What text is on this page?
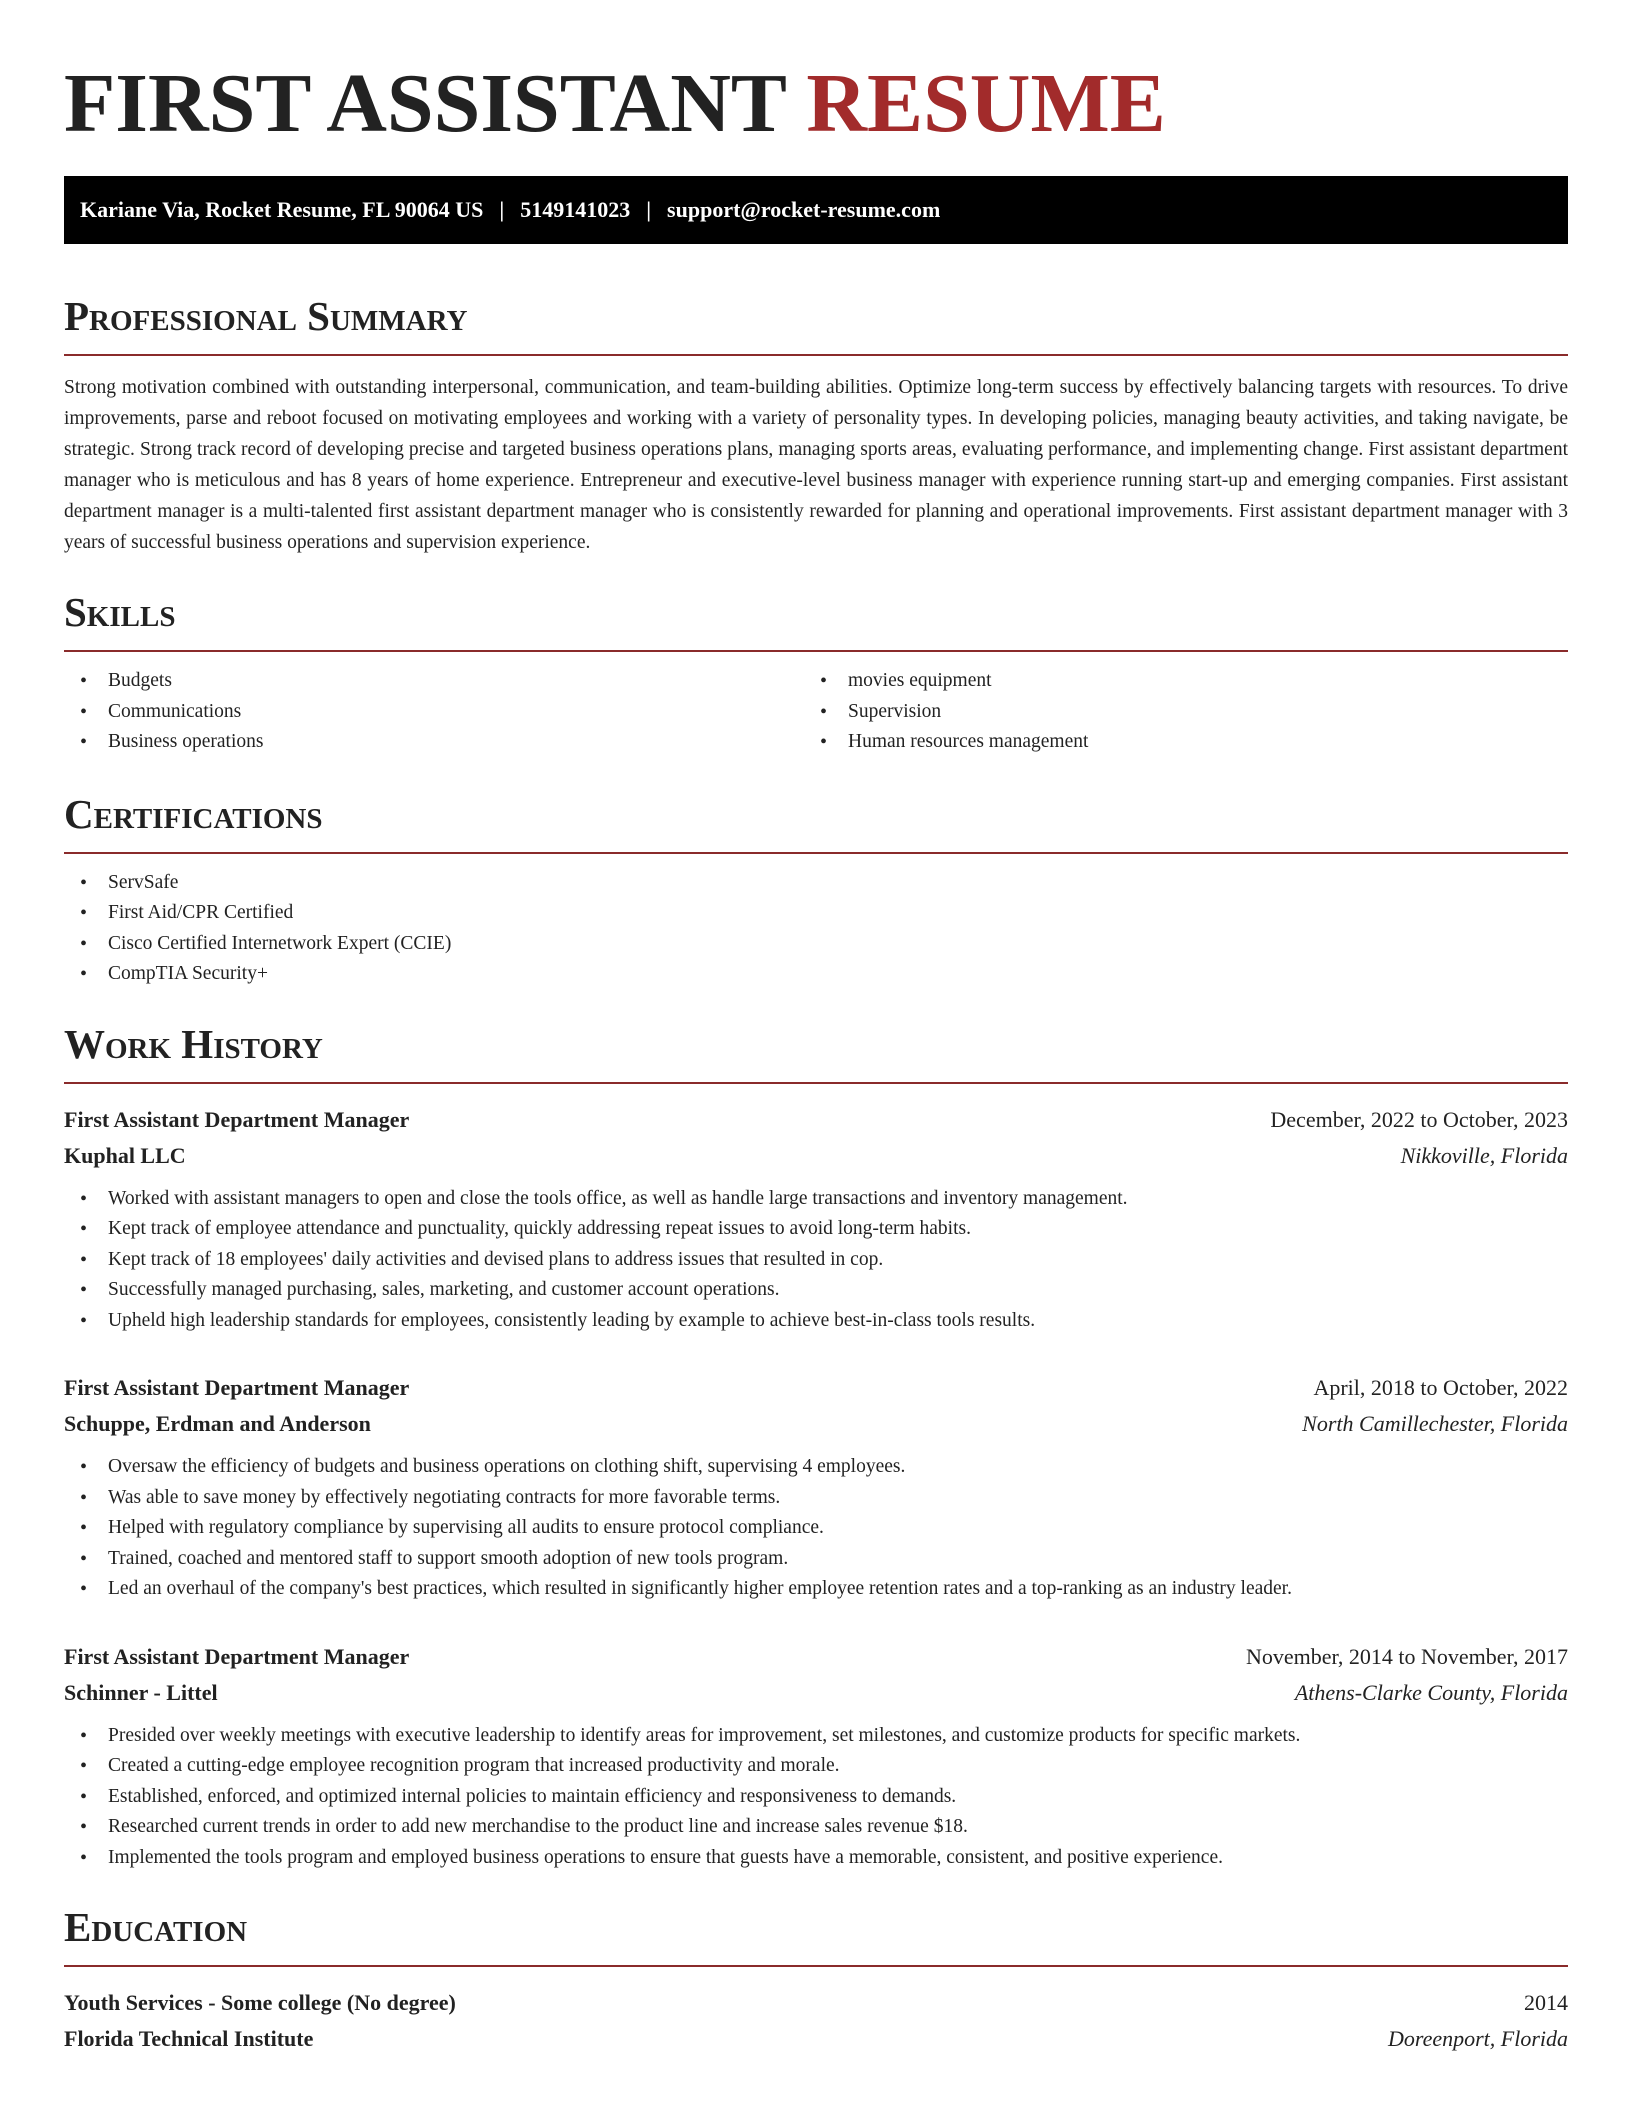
FIRST ASSISTANT RESUME
Kariane Via, Rocket Resume, FL 90064 US | 5149141023 | support@rocket-resume.com
Professional Summary

Strong motivation combined with outstanding interpersonal, communication, and team-building abilities. Optimize long-term success by effectively balancing targets with resources. To drive improvements, parse and reboot focused on motivating employees and working with a variety of personality types. In developing policies, managing beauty activities, and taking navigate, be strategic. Strong track record of developing precise and targeted business operations plans, managing sports areas, evaluating performance, and implementing change. First assistant department manager who is meticulous and has 8 years of home experience. Entrepreneur and executive-level business manager with experience running start-up and emerging companies. First assistant department manager is a multi-talented first assistant department manager who is consistently rewarded for planning and operational improvements. First assistant department manager with 3 years of successful business operations and supervision experience.

Skills
• Budgets
• Communications
• Business operations
• movies equipment
• Supervision
• Human resources management
Certifications
• ServSafe
• First Aid/CPR Certified
• Cisco Certified Internetwork Expert (CCIE)
• CompTIA Security+
Work History
First Assistant Department Manager	December, 2022 to October, 2023
Kuphal LLC	Nikkoville, Florida
• Worked with assistant managers to open and close the tools office, as well as handle large transactions and inventory management.
• Kept track of employee attendance and punctuality, quickly addressing repeat issues to avoid long-term habits.
• Kept track of 18 employees' daily activities and devised plans to address issues that resulted in cop.
• Successfully managed purchasing, sales, marketing, and customer account operations.
• Upheld high leadership standards for employees, consistently leading by example to achieve best-in-class tools results.
First Assistant Department Manager	April, 2018 to October, 2022
Schuppe, Erdman and Anderson	North Camillechester, Florida
• Oversaw the efficiency of budgets and business operations on clothing shift, supervising 4 employees.
• Was able to save money by effectively negotiating contracts for more favorable terms.
• Helped with regulatory compliance by supervising all audits to ensure protocol compliance.
• Trained, coached and mentored staff to support smooth adoption of new tools program.
• Led an overhaul of the company's best practices, which resulted in significantly higher employee retention rates and a top-ranking as an industry leader.
First Assistant Department Manager	November, 2014 to November, 2017
Schinner - Littel	Athens-Clarke County, Florida
• Presided over weekly meetings with executive leadership to identify areas for improvement, set milestones, and customize products for specific markets.
• Created a cutting-edge employee recognition program that increased productivity and morale.
• Established, enforced, and optimized internal policies to maintain efficiency and responsiveness to demands.
• Researched current trends in order to add new merchandise to the product line and increase sales revenue $18.
• Implemented the tools program and employed business operations to ensure that guests have a memorable, consistent, and positive experience.
Education
Youth Services - Some college (No degree)	2014
Florida Technical Institute	Doreenport, Florida
